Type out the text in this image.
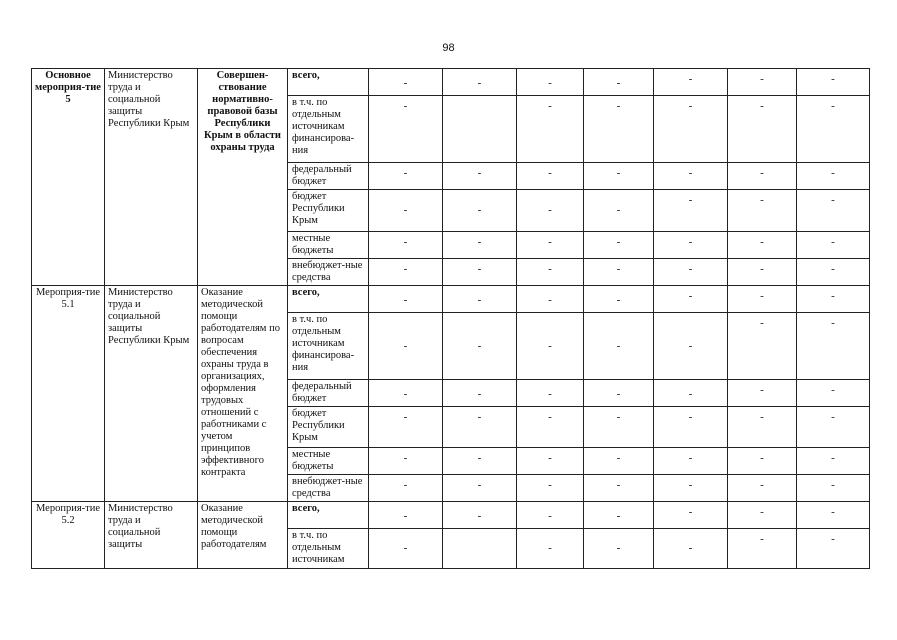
98
Основное мероприя-тие 5	Министерство труда и социальной защиты Республики Крым	Совершен-ствование нормативно-правовой базы Республики Крым в области охраны труда	всего,	-	-	-	-	-	-	-
			в т.ч. по отдельным источникам финансирова-ния	-		-	-	-	-	-
			федеральный бюджет	-	-	-	-	-	-	-
			бюджет Республики Крым	-	-	-	-	-	-	-
			местные бюджеты	-	-	-	-	-	-	-
			внебюджет-ные средства	-	-	-	-	-	-	-
Мероприя-тие 5.1	Министерство труда и социальной защиты Республики Крым	Оказание методической помощи работодателям по вопросам обеспечения охраны труда в организациях, оформления трудовых отношений с работниками с учетом принципов эффективного контракта	всего,	-	-	-	-	-	-	-
			в т.ч. по отдельным источникам финансирова-ния	-	-	-	-	-	-	-
			федеральный бюджет	-	-	-	-	-	-	-
			бюджет Республики Крым	-	-	-	-	-	-	-
			местные бюджеты	-	-	-	-	-	-	-
			внебюджет-ные средства	-	-	-	-	-	-	-
Мероприя-тие 5.2	Министерство труда и социальной защиты	Оказание методической помощи работодателям	всего,	-	-	-	-	-	-	-
			в т.ч. по отдельным источникам	-		-	-	-	-	-
